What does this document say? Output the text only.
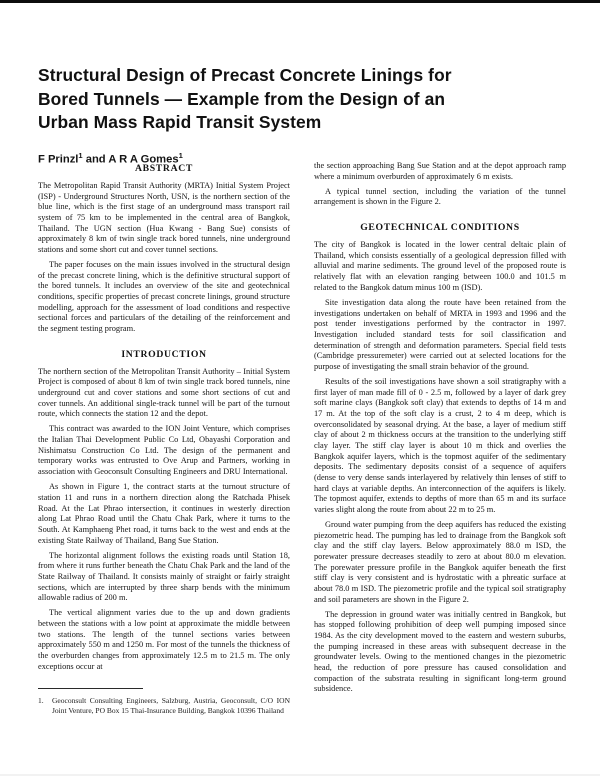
Structural Design of Precast Concrete Linings for
Bored Tunnels — Example from the Design of an
Urban Mass Rapid Transit System

F Prinzl$^1$ and A R A Gomes$^1$

ABSTRACT

The Metropolitan Rapid Transit Authority (MRTA) Initial System Project (ISP) - Underground Structures North, USN, is the northern section of the blue line, which is the first stage of an underground mass transport rail system of 75 km to be implemented in the central area of Bangkok, Thailand. The UGN section (Hua Kwang - Bang Sue) consists of approximately 8 km of twin single track bored tunnels, nine underground stations and some short cut and cover tunnel sections.

The paper focuses on the main issues involved in the structural design of the precast concrete lining, which is the definitive structural support of the bored tunnels. It includes an overview of the site and geotechnical conditions, specific properties of precast concrete linings, ground structure modelling, approach for the assessment of load conditions and respective sectional forces and particulars of the detailing of the reinforcement and the segment testing program.

INTRODUCTION

The northern section of the Metropolitan Transit Authority – Initial System Project is composed of about 8 km of twin single track bored tunnels, nine underground cut and cover stations and some short sections of cut and cover tunnels. An additional single-track tunnel will be part of the turnout route, which connects the station 12 and the depot.

This contract was awarded to the ION Joint Venture, which comprises the Italian Thai Development Public Co Ltd, Obayashi Corporation and Nishimatsu Construction Co Ltd. The design of the permanent and temporary works was entrusted to Ove Arup and Partners, working in association with Geoconsult Consulting Engineers and DRU International.

As shown in Figure 1, the contract starts at the turnout structure of station 11 and runs in a northern direction along the Ratchada Phisek Road. At the Lat Phrao intersection, it continues in westerly direction along Lat Phrao Road until the Chatu Chak Park, where it turns to the South. At Kamphaeng Phet road, it turns back to the west and ends at the existing State Railway of Thailand, Bang Sue Station.

The horizontal alignment follows the existing roads until Station 18, from where it runs further beneath the Chatu Chak Park and the land of the State Railway of Thailand. It consists mainly of straight or fairly straight sections, which are interrupted by three sharp bends with the minimum allowable radius of 200 m.

The vertical alignment varies due to the up and down gradients between the stations with a low point at approximate the middle between two stations. The length of the tunnel sections varies between approximately 550 m and 1250 m. For most of the tunnels the thickness of the overburden changes from approximately 12.5 m to 21.5 m. The only exceptions occur at

the section approaching Bang Sue Station and at the depot approach ramp where a minimum overburden of approximately 6 m exists.

A typical tunnel section, including the variation of the tunnel arrangement is shown in the Figure 2.

GEOTECHNICAL CONDITIONS

The city of Bangkok is located in the lower central deltaic plain of Thailand, which consists essentially of a geological depression filled with alluvial and marine sediments. The ground level of the proposed route is relatively flat with an elevation ranging between 100.0 and 101.5 m related to the Bangkok datum minus 100 m (ISD).

Site investigation data along the route have been retained from the investigations undertaken on behalf of MRTA in 1993 and 1996 and the post tender investigations performed by the contractor in 1997. Investigation included standard tests for soil classification and determination of strength and deformation parameters. Special field tests (Cambridge pressuremeter) were carried out at selected locations for the purpose of investigating the small strain behavior of the ground.

Results of the soil investigations have shown a soil stratigraphy with a first layer of man made fill of 0 - 2.5 m, followed by a layer of dark grey soft marine clays (Bangkok soft clay) that extends to depths of 14 m and 17 m. At the top of the soft clay is a crust, 2 to 4 m deep, which is overconsolidated by seasonal drying. At the base, a layer of medium stiff clay of about 2 m thickness occurs at the transition to the underlying stiff clay layer. The stiff clay layer is about 10 m thick and overlies the Bangkok aquifer layers, which is the topmost aquifer of the sedimentary deposits. The sedimentary deposits consist of a sequence of aquifers (dense to very dense sands interlayered by relatively thin lenses of stiff to hard clays at variable depths. An interconnection of the aquifers is likely. The topmost aquifer, extends to depths of more than 65 m and its surface varies slight along the route from about 22 m to 25 m.

Ground water pumping from the deep aquifers has reduced the existing piezometric head. The pumping has led to drainage from the Bangkok soft clay and the stiff clay layers. Below approximately 88.0 m ISD, the porewater pressure decreases steadily to zero at about 80.0 m elevation. The porewater pressure profile in the Bangkok aquifer beneath the first stiff clay is very consistent and is hydrostatic with a phreatic surface at about 78.0 m ISD. The piezometric profile and the typical soil stratigraphy and soil parameters are shown in the Figure 2.

The depression in ground water was initially centred in Bangkok, but has stopped following prohibition of deep well pumping imposed since 1984. As the city development moved to the eastern and western suburbs, the pumping increased in these areas with subsequent decrease in the groundwater levels. Owing to the mentioned changes in the piezometric head, the reduction of pore pressure has caused consolidation and compaction of the substrata resulting in significant long-term ground subsidence.

1. Geoconsult Consulting Engineers, Salzburg, Austria, Geoconsult, C/O ION Joint Venture, PO Box 15 Thai-Insurance Building, Bangkok 10396 Thailand
